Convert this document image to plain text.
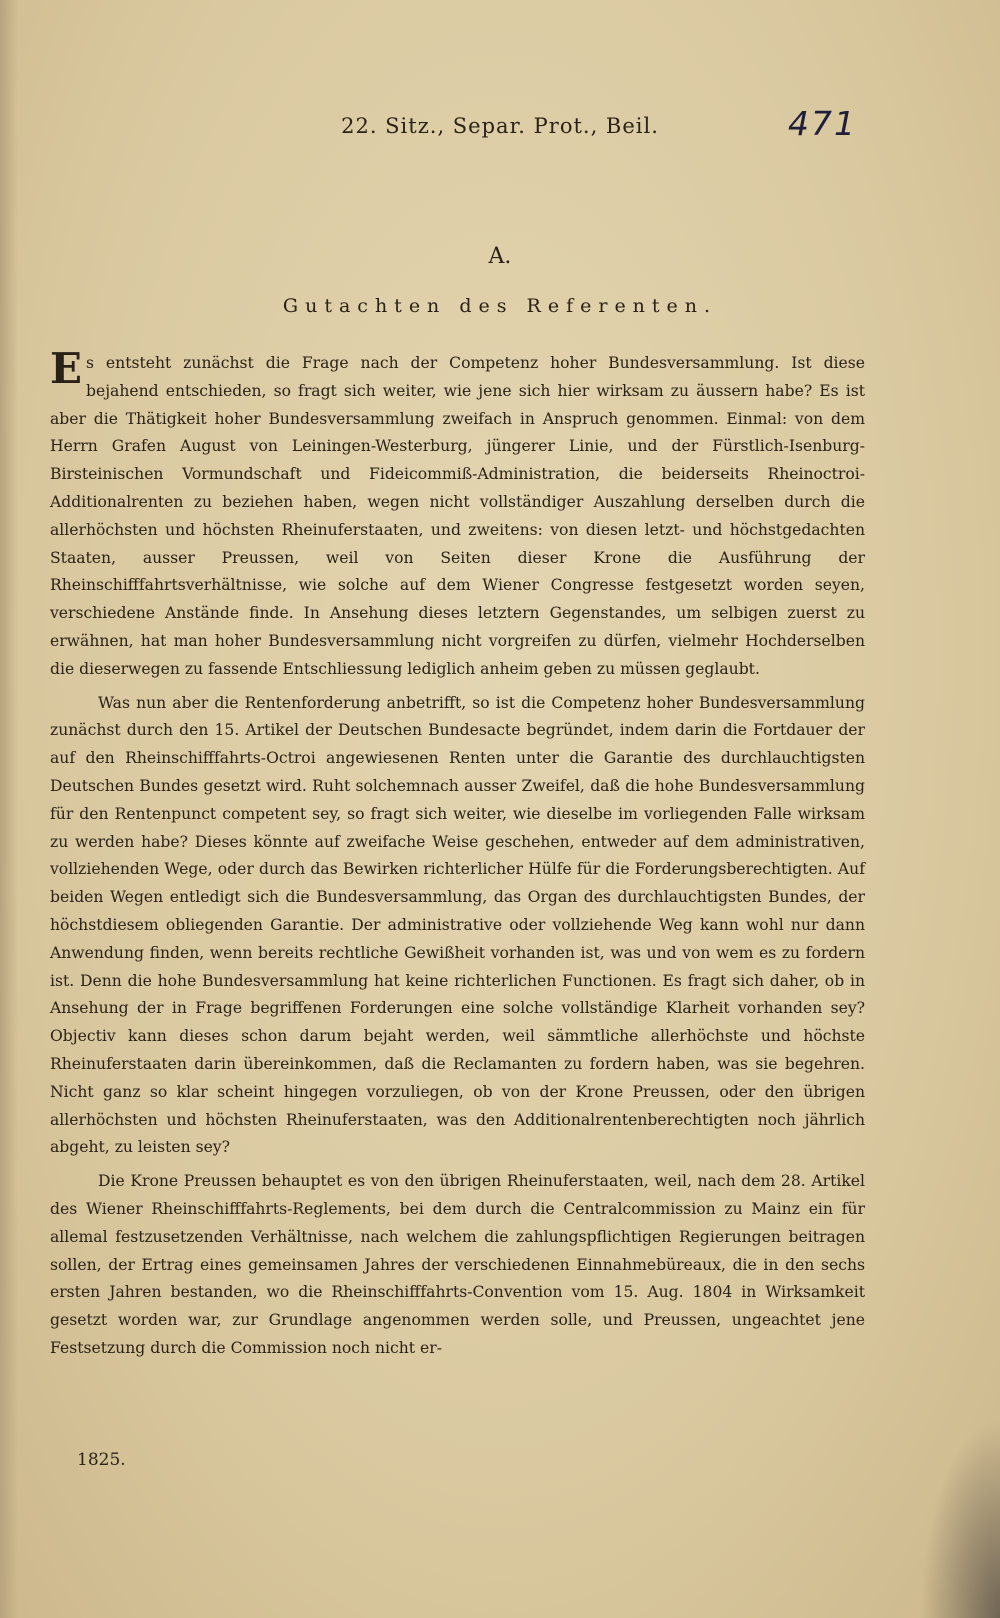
22. Sitz., Separ. Prot., Beil.	471
A.
Gutachten des Referenten.

Es entsteht zunächst die Frage nach der Competenz hoher Bundesversammlung. Ist diese bejahend entschieden, so fragt sich weiter, wie jene sich hier wirksam zu äussern habe? Es ist aber die Thätigkeit hoher Bundesversammlung zweifach in Anspruch genommen. Einmal: von dem Herrn Grafen August von Leiningen-Westerburg, jüngerer Linie, und der Fürstlich-Isenburg-Birsteinischen Vormundschaft und Fideicommiß-Administration, die beiderseits Rheinoctroi-Additionalrenten zu beziehen haben, wegen nicht vollständiger Auszahlung derselben durch die allerhöchsten und höchsten Rheinuferstaaten, und zweitens: von diesen letzt- und höchstgedachten Staaten, ausser Preussen, weil von Seiten dieser Krone die Ausführung der Rheinschifffahrtsverhältnisse, wie solche auf dem Wiener Congresse festgesetzt worden seyen, verschiedene Anstände finde. In Ansehung dieses letztern Gegenstandes, um selbigen zuerst zu erwähnen, hat man hoher Bundesversammlung nicht vorgreifen zu dürfen, vielmehr Hochderselben die dieserwegen zu fassende Entschliessung lediglich anheim geben zu müssen geglaubt.

Was nun aber die Rentenforderung anbetrifft, so ist die Competenz hoher Bundesversammlung zunächst durch den 15. Artikel der Deutschen Bundesacte begründet, indem darin die Fortdauer der auf den Rheinschifffahrts-Octroi angewiesenen Renten unter die Garantie des durchlauchtigsten Deutschen Bundes gesetzt wird. Ruht solchemnach ausser Zweifel, daß die hohe Bundesversammlung für den Rentenpunct competent sey, so fragt sich weiter, wie dieselbe im vorliegenden Falle wirksam zu werden habe? Dieses könnte auf zweifache Weise geschehen, entweder auf dem administrativen, vollziehenden Wege, oder durch das Bewirken richterlicher Hülfe für die Forderungsberechtigten. Auf beiden Wegen entledigt sich die Bundesversammlung, das Organ des durchlauchtigsten Bundes, der höchstdiesem obliegenden Garantie. Der administrative oder vollziehende Weg kann wohl nur dann Anwendung finden, wenn bereits rechtliche Gewißheit vorhanden ist, was und von wem es zu fordern ist. Denn die hohe Bundesversammlung hat keine richterlichen Functionen. Es fragt sich daher, ob in Ansehung der in Frage begriffenen Forderungen eine solche vollständige Klarheit vorhanden sey? Objectiv kann dieses schon darum bejaht werden, weil sämmtliche allerhöchste und höchste Rheinuferstaaten darin übereinkommen, daß die Reclamanten zu fordern haben, was sie begehren. Nicht ganz so klar scheint hingegen vorzuliegen, ob von der Krone Preussen, oder den übrigen allerhöchsten und höchsten Rheinuferstaaten, was den Additionalrentenberechtigten noch jährlich abgeht, zu leisten sey?

Die Krone Preussen behauptet es von den übrigen Rheinuferstaaten, weil, nach dem 28. Artikel des Wiener Rheinschifffahrts-Reglements, bei dem durch die Centralcommission zu Mainz ein für allemal festzusetzenden Verhältnisse, nach welchem die zahlungspflichtigen Regierungen beitragen sollen, der Ertrag eines gemeinsamen Jahres der verschiedenen Einnahmebüreaux, die in den sechs ersten Jahren bestanden, wo die Rheinschifffahrts-Convention vom 15. Aug. 1804 in Wirksamkeit gesetzt worden war, zur Grundlage angenommen werden solle, und Preussen, ungeachtet jene Festsetzung durch die Commission noch nicht er-

1825.
